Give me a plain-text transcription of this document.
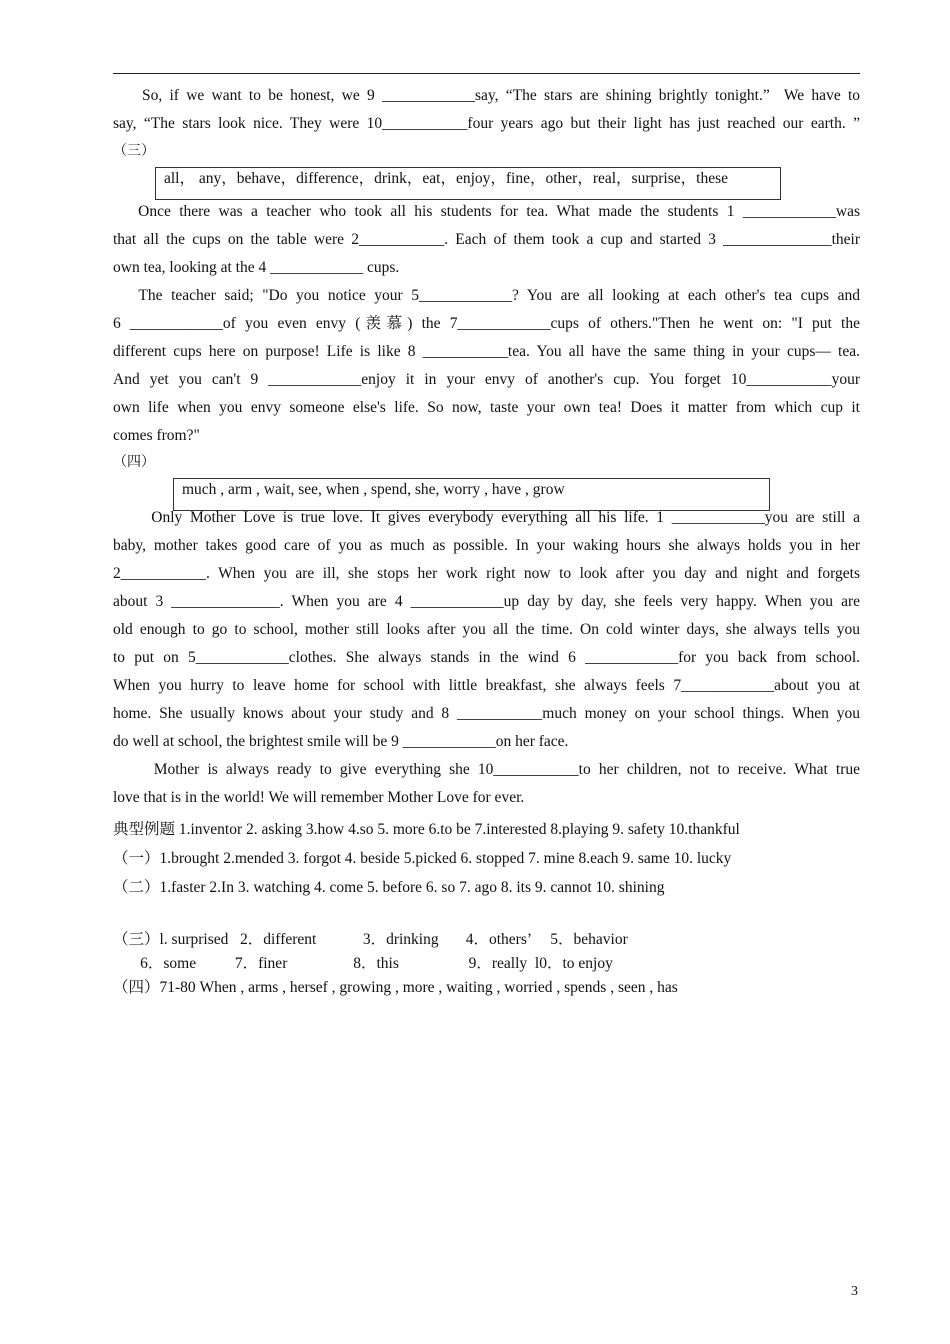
So, if we want to be honest, we 9 ____________say, “The stars are shining brightly tonight.”  We have to
say, “The stars look nice. They were 10___________four years ago but their light has just reached our earth. ”
（三）
all， any，behave，difference，drink，eat，enjoy，fine，other，real，surprise，these
Once there was a teacher who took all his students for tea. What made the students 1 ____________was
that all the cups on the table were 2___________. Each of them took a cup and started 3 ______________their
own tea, looking at the 4 ____________ cups.
The teacher said; "Do you notice your 5____________? You are all looking at each other's tea cups and
6 ____________of you even envy (羡慕) the 7____________cups of others."Then he went on: "I put the
different cups here on purpose! Life is like 8 ___________tea. You all have the same thing in your cups— tea.
And yet you can't 9 ____________enjoy it in your envy of another's cup. You forget 10___________your
own life when you envy someone else's life. So now, taste your own tea! Does it matter from which cup it
comes from?"
（四）
much , arm , wait, see, when , spend, she, worry , have , grow
Only Mother Love is true love. It gives everybody everything all his life. 1 ____________you are still a
baby, mother takes good care of you as much as possible. In your waking hours she always holds you in her
2___________. When you are ill, she stops her work right now to look after you day and night and forgets
about 3 ______________. When you are 4 ____________up day by day, she feels very happy. When you are
old enough to go to school, mother still looks after you all the time. On cold winter days, she always tells you
to put on 5____________clothes. She always stands in the wind 6 ____________for you back from school.
When you hurry to leave home for school with little breakfast, she always feels 7____________about you at
home. She usually knows about your study and 8 ___________much money on your school things. When you
do well at school, the brightest smile will be 9 ____________on her face.
Mother is always ready to give everything she 10___________to her children, not to receive. What true
love that is in the world! We will remember Mother Love for ever.
典型例题 1.inventor 2. asking 3.how 4.so 5. more 6.to be 7.interested 8.playing 9. safety 10.thankful
（一）1.brought 2.mended 3. forgot 4. beside 5.picked 6. stopped 7. mine 8.each 9. same 10. lucky
（二）1.faster 2.In 3. watching 4. come 5. before 6. so 7. ago 8. its 9. cannot 10. shining
（三）l. surprised   2．different            3．drinking       4．others’     5．behavior
6．some          7．finer                 8．this                  9．really  l0．to enjoy
（四）71-80 When , arms , hersef , growing , more , waiting , worried , spends , seen , has
3
